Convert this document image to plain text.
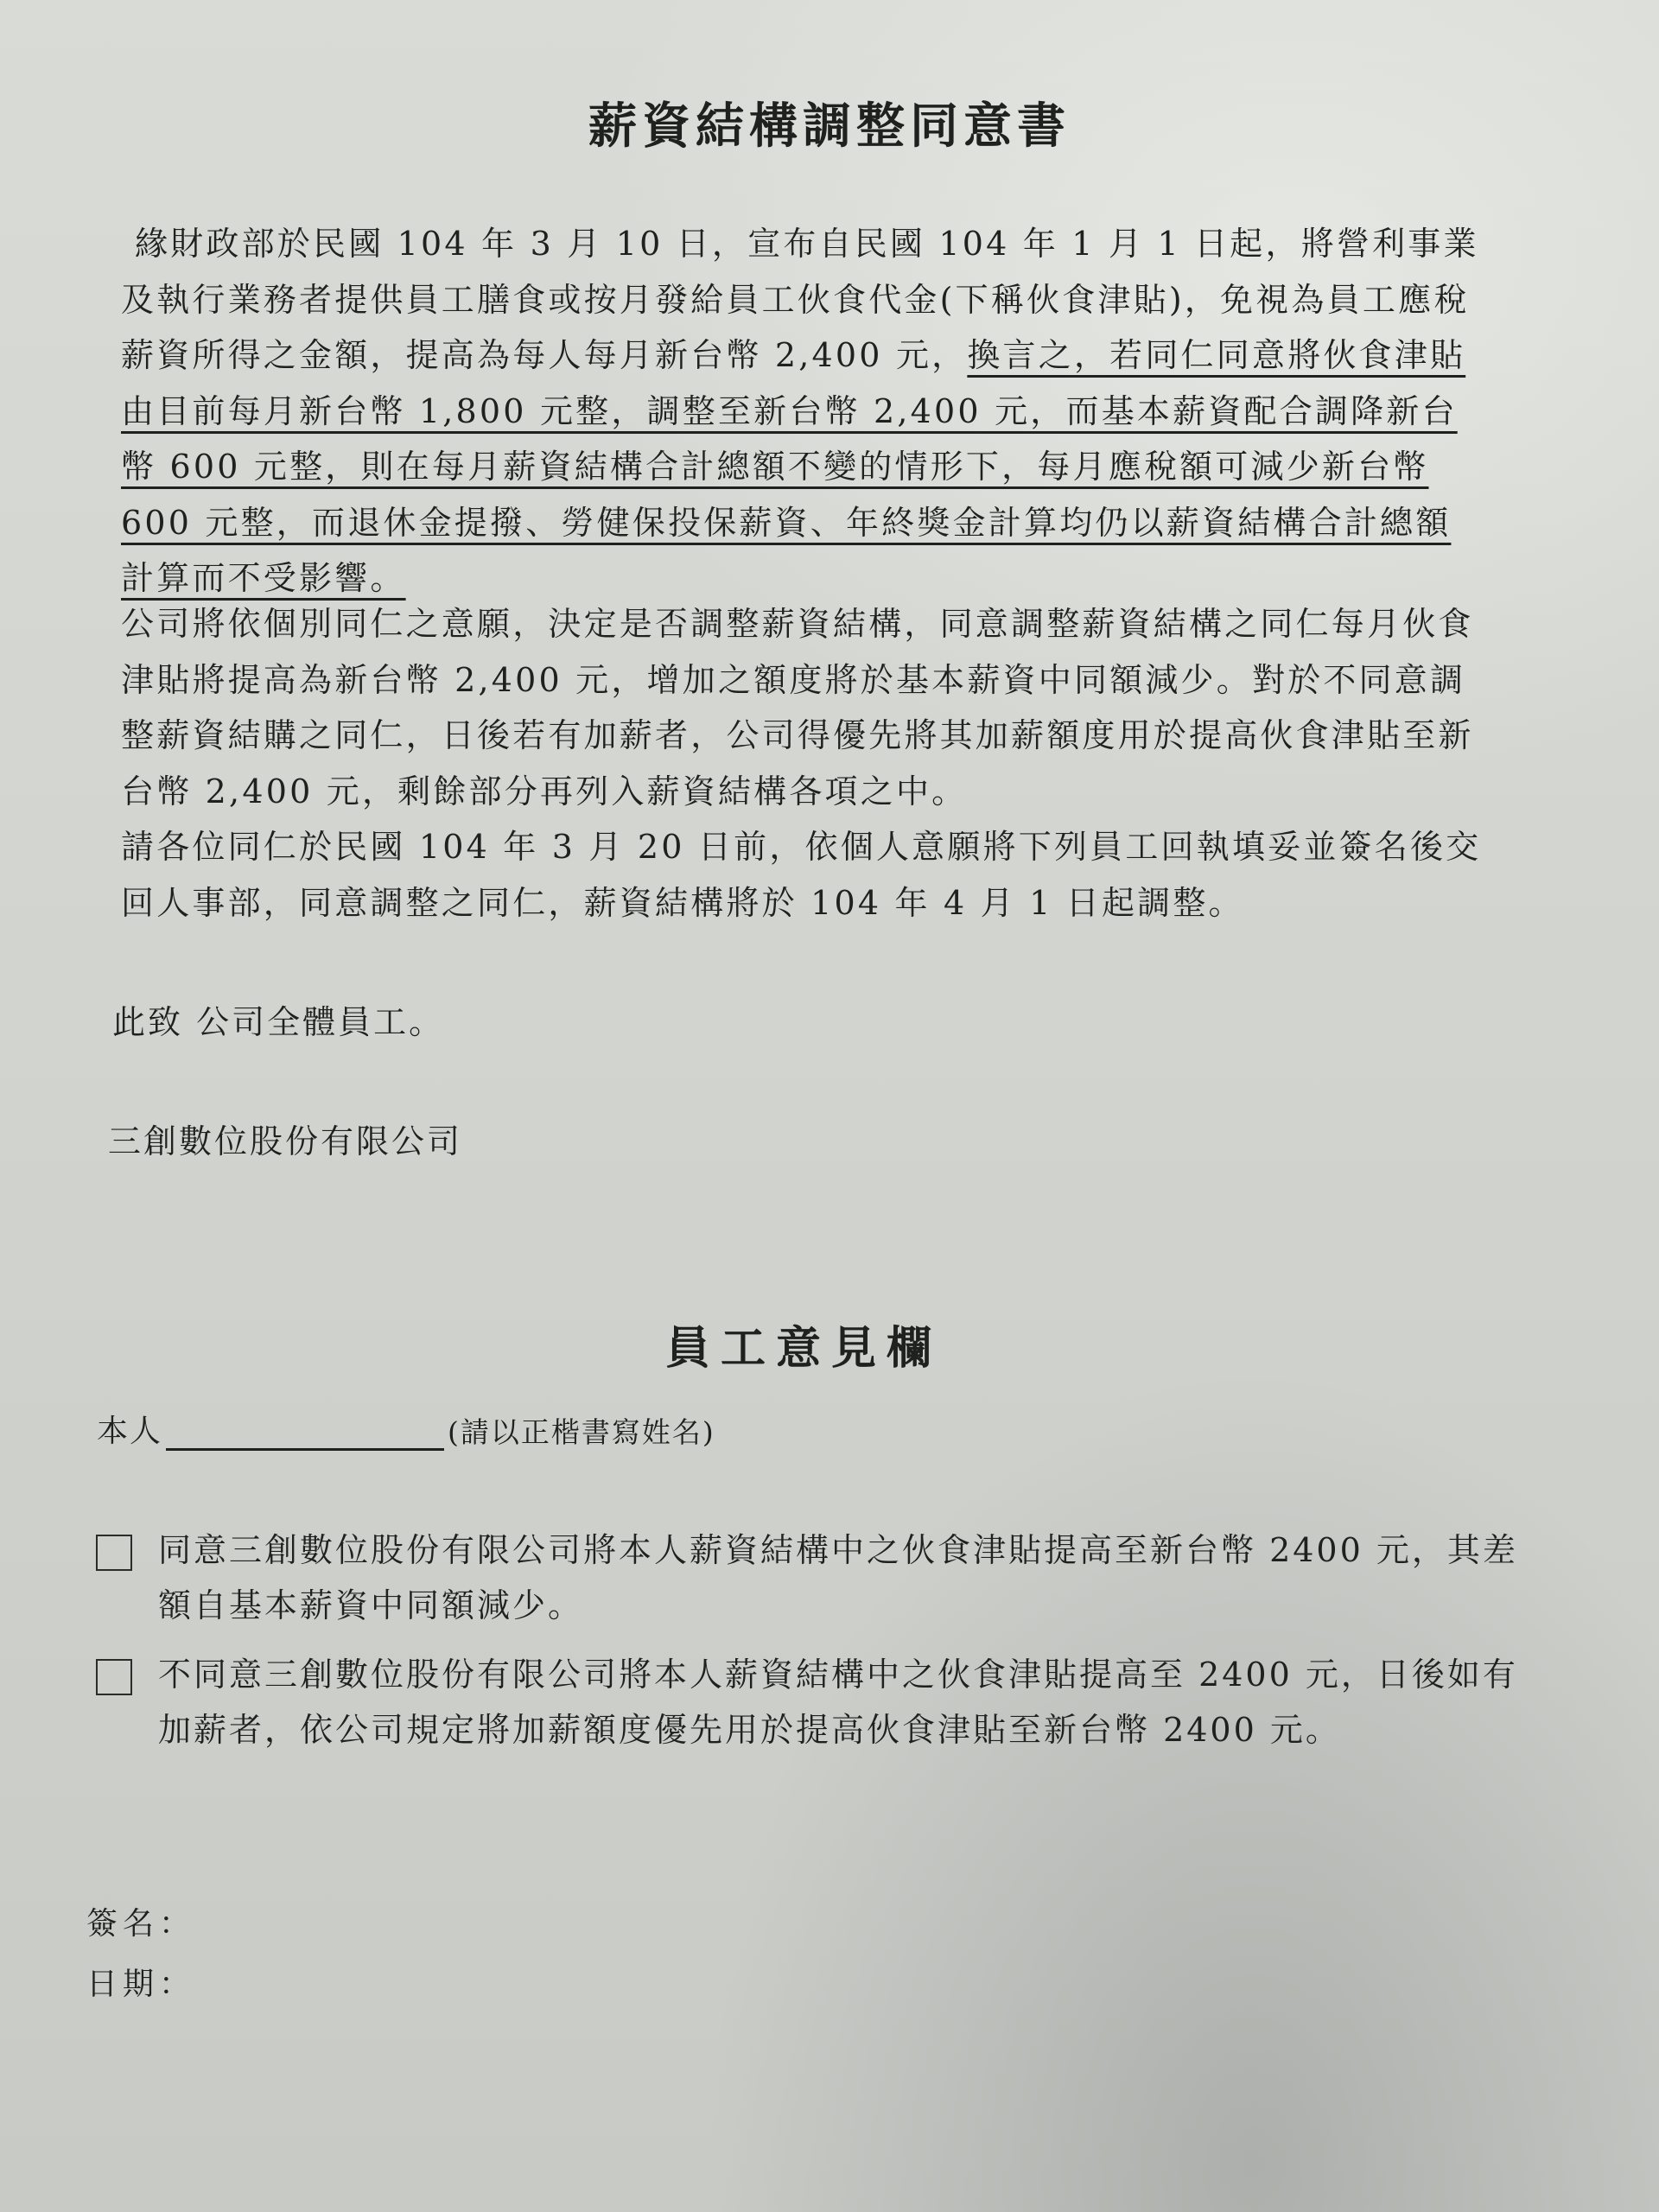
薪資結構調整同意書

緣財政部於民國 104 年 3 月 10 日，宣布自民國 104 年 1 月 1 日起，將營利事業及執行業務者提供員工膳食或按月發給員工伙食代金(下稱伙食津貼)，免視為員工應稅薪資所得之金額，提高為每人每月新台幣 2,400 元，換言之，若同仁同意將伙食津貼由目前每月新台幣 1,800 元整，調整至新台幣 2,400 元，而基本薪資配合調降新台幣 600 元整，則在每月薪資結構合計總額不變的情形下，每月應稅額可減少新台幣 600 元整，而退休金提撥、勞健保投保薪資、年終獎金計算均仍以薪資結構合計總額計算而不受影響。

公司將依個別同仁之意願，決定是否調整薪資結構，同意調整薪資結構之同仁每月伙食津貼將提高為新台幣 2,400 元，增加之額度將於基本薪資中同額減少。對於不同意調整薪資結購之同仁，日後若有加薪者，公司得優先將其加薪額度用於提高伙食津貼至新台幣 2,400 元，剩餘部分再列入薪資結構各項之中。

請各位同仁於民國 104 年 3 月 20 日前，依個人意願將下列員工回執填妥並簽名後交回人事部，同意調整之同仁，薪資結構將於 104 年 4 月 1 日起調整。

此致 公司全體員工。
三創數位股份有限公司
員工意見欄
本人	(請以正楷書寫姓名)
同意三創數位股份有限公司將本人薪資結構中之伙食津貼提高至新台幣 2400 元，其差額自基本薪資中同額減少。
不同意三創數位股份有限公司將本人薪資結構中之伙食津貼提高至 2400 元，日後如有加薪者，依公司規定將加薪額度優先用於提高伙食津貼至新台幣 2400 元。
簽名：
日期：
